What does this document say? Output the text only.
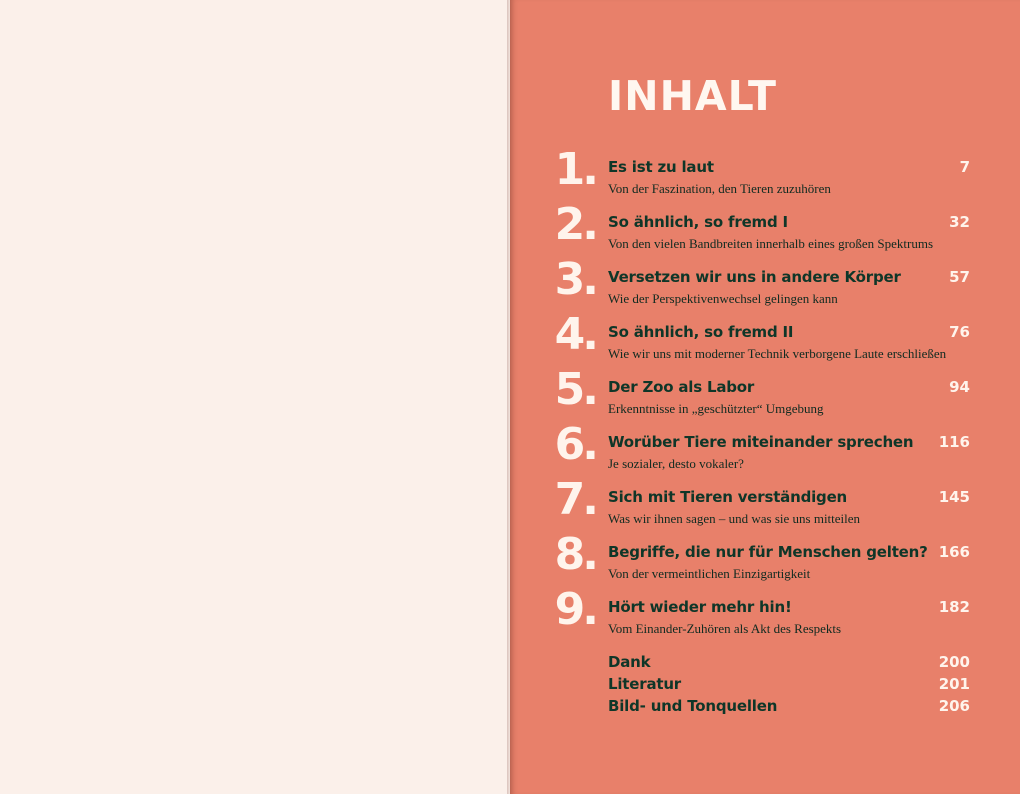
INHALT
1. Es ist zu laut	7
Von der Faszination, den Tieren zuzuhören
2. So ähnlich, so fremd I	32
Von den vielen Bandbreiten innerhalb eines großen Spektrums
3. Versetzen wir uns in andere Körper	57
Wie der Perspektivenwechsel gelingen kann
4. So ähnlich, so fremd II	76
Wie wir uns mit moderner Technik verborgene Laute erschließen
5. Der Zoo als Labor	94
Erkenntnisse in „geschützter“ Umgebung
6. Worüber Tiere miteinander sprechen 116
Je sozialer, desto vokaler?
7. Sich mit Tieren verständigen	145
Was wir ihnen sagen – und was sie uns mitteilen
8. Begriffe, die nur für Menschen gelten? 166
Von der vermeintlichen Einzigartigkeit
9. Hört wieder mehr hin!	182
Vom Einander-Zuhören als Akt des Respekts
Dank	200
Literatur	201
Bild- und Tonquellen	206
